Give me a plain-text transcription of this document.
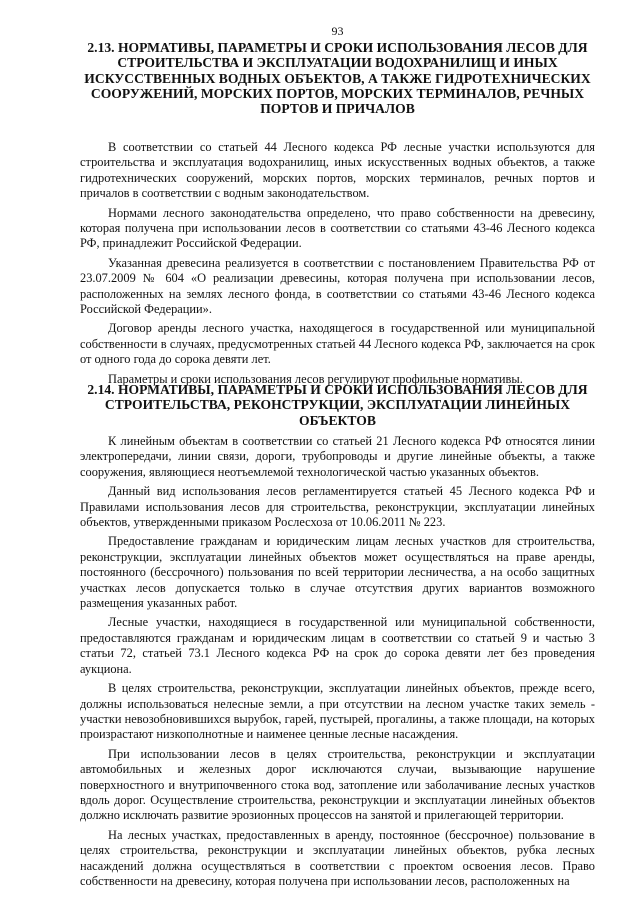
93
2.13. НОРМАТИВЫ, ПАРАМЕТРЫ И СРОКИ ИСПОЛЬЗОВАНИЯ ЛЕСОВ ДЛЯ СТРОИТЕЛЬСТВА И ЭКСПЛУАТАЦИИ ВОДОХРАНИЛИЩ И ИНЫХ ИСКУССТВЕННЫХ ВОДНЫХ ОБЪЕКТОВ, А ТАКЖЕ ГИДРОТЕХНИЧЕСКИХ СООРУЖЕНИЙ, МОРСКИХ ПОРТОВ, МОРСКИХ ТЕРМИНАЛОВ, РЕЧНЫХ ПОРТОВ И ПРИЧАЛОВ

В соответствии со статьей 44 Лесного кодекса РФ лесные участки используются для строительства и эксплуатация водохранилищ, иных искусственных водных объектов, а также гидротехнических сооружений, морских портов, морских терминалов, речных портов и причалов в соответствии с водным законодательством.

Нормами лесного законодательства определено, что право собственности на древесину, которая получена при использовании лесов в соответствии со статьями 43-46 Лесного кодекса РФ, принадлежит Российской Федерации.

Указанная древесина реализуется в соответствии с постановлением Правительства РФ от 23.07.2009 № 604 «О реализации древесины, которая получена при использовании лесов, расположенных на землях лесного фонда, в соответствии со статьями 43-46 Лесного кодекса Российской Федерации».

Договор аренды лесного участка, находящегося в государственной или муниципальной собственности в случаях, предусмотренных статьей 44 Лесного кодекса РФ, заключается на срок от одного года до сорока девяти лет.

Параметры и сроки использования лесов регулируют профильные нормативы.

2.14. НОРМАТИВЫ, ПАРАМЕТРЫ И СРОКИ ИСПОЛЬЗОВАНИЯ ЛЕСОВ ДЛЯ СТРОИТЕЛЬСТВА, РЕКОНСТРУКЦИИ, ЭКСПЛУАТАЦИИ ЛИНЕЙНЫХ ОБЪЕКТОВ

К линейным объектам в соответствии со статьей 21 Лесного кодекса РФ относятся линии электропередачи, линии связи, дороги, трубопроводы и другие линейные объекты, а также сооружения, являющиеся неотъемлемой технологической частью указанных объектов.

Данный вид использования лесов регламентируется статьей 45 Лесного кодекса РФ и Правилами использования лесов для строительства, реконструкции, эксплуатации линейных объектов, утвержденными приказом Рослесхоза от 10.06.2011 № 223.

Предоставление гражданам и юридическим лицам лесных участков для строительства, реконструкции, эксплуатации линейных объектов может осуществляться на праве аренды, постоянного (бессрочного) пользования по всей территории лесничества, а на особо защитных участках лесов допускается только в случае отсутствия других вариантов возможного размещения указанных работ.

Лесные участки, находящиеся в государственной или муниципальной собственности, предоставляются гражданам и юридическим лицам в соответствии со статьей 9 и частью 3 статьи 72, статьей 73.1 Лесного кодекса РФ на срок до сорока девяти лет без проведения аукциона.

В целях строительства, реконструкции, эксплуатации линейных объектов, прежде всего, должны использоваться нелесные земли, а при отсутствии на лесном участке таких земель - участки невозобновившихся вырубок, гарей, пустырей, прогалины, а также площади, на которых произрастают низкополнотные и наименее ценные лесные насаждения.

При использовании лесов в целях строительства, реконструкции и эксплуатации автомобильных и железных дорог исключаются случаи, вызывающие нарушение поверхностного и внутрипочвенного стока вод, затопление или заболачивание лесных участков вдоль дорог. Осуществление строительства, реконструкции и эксплуатации линейных объектов должно исключать развитие эрозионных процессов на занятой и прилегающей территории.

На лесных участках, предоставленных в аренду, постоянное (бессрочное) пользование в целях строительства, реконструкции и эксплуатации линейных объектов, рубка лесных насаждений должна осуществляться в соответствии с проектом освоения лесов. Право собственности на древесину, которая получена при использовании лесов, расположенных на
